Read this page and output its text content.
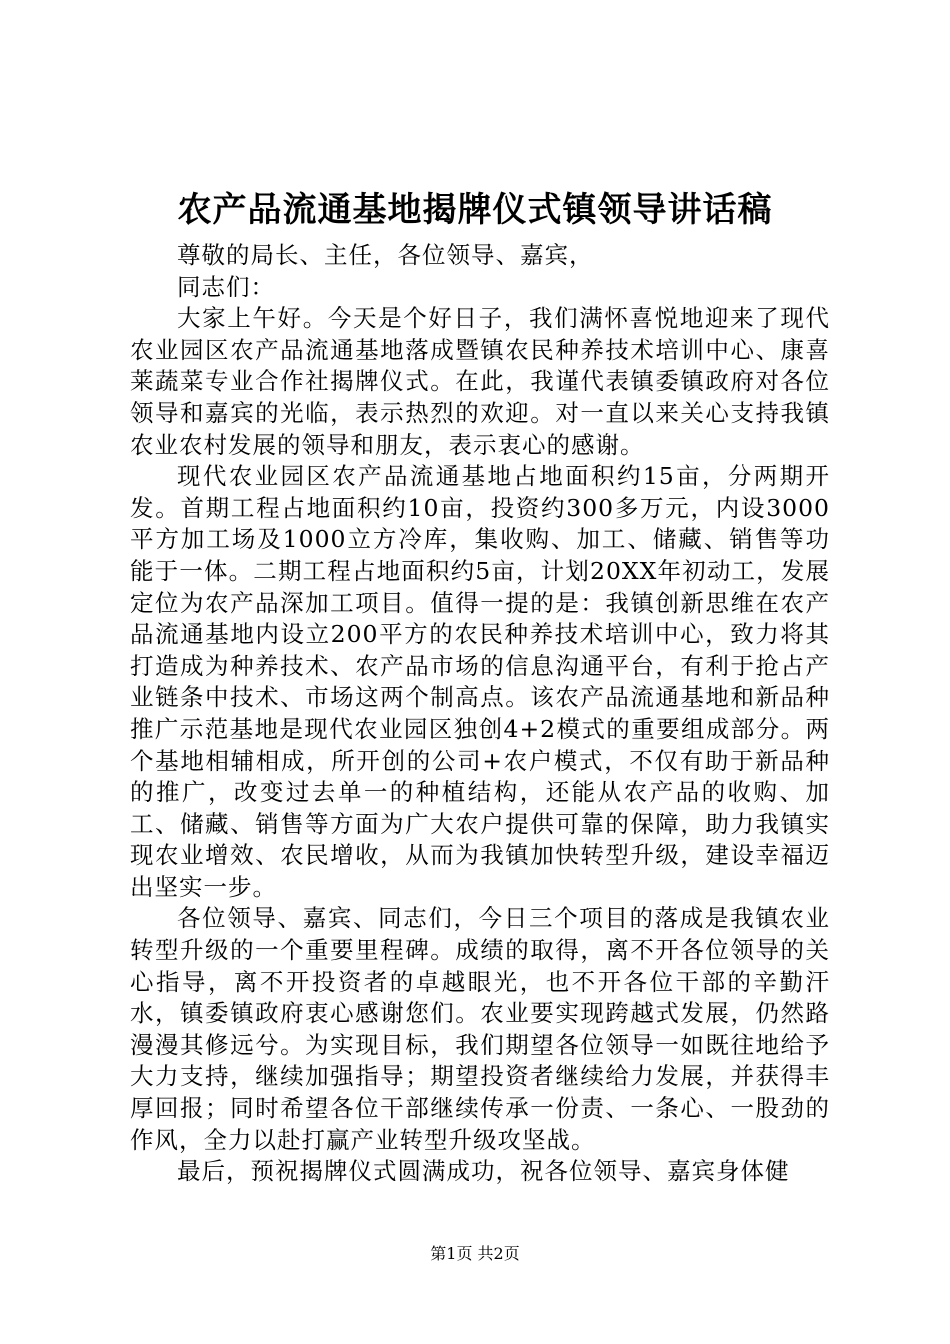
农产品流通基地揭牌仪式镇领导讲话稿

尊敬的局长、主任，各位领导、嘉宾，

同志们：

大家上午好。今天是个好日子，我们满怀喜悦地迎来了现代农业园区农产品流通基地落成暨镇农民种养技术培训中心、康喜莱蔬菜专业合作社揭牌仪式。在此，我谨代表镇委镇政府对各位领导和嘉宾的光临，表示热烈的欢迎。对一直以来关心支持我镇农业农村发展的领导和朋友，表示衷心的感谢。

现代农业园区农产品流通基地占地面积约15亩，分两期开发。首期工程占地面积约10亩，投资约300多万元，内设3000平方加工场及1000立方冷库，集收购、加工、储藏、销售等功能于一体。二期工程占地面积约5亩，计划20XX年初动工，发展定位为农产品深加工项目。值得一提的是：我镇创新思维在农产品流通基地内设立200平方的农民种养技术培训中心，致力将其打造成为种养技术、农产品市场的信息沟通平台，有利于抢占产业链条中技术、市场这两个制高点。该农产品流通基地和新品种推广示范基地是现代农业园区独创4+2模式的重要组成部分。两个基地相辅相成，所开创的公司+农户模式，不仅有助于新品种的推广，改变过去单一的种植结构，还能从农产品的收购、加工、储藏、销售等方面为广大农户提供可靠的保障，助力我镇实现农业增效、农民增收，从而为我镇加快转型升级，建设幸福迈出坚实一步。

各位领导、嘉宾、同志们，今日三个项目的落成是我镇农业转型升级的一个重要里程碑。成绩的取得，离不开各位领导的关心指导，离不开投资者的卓越眼光，也不开各位干部的辛勤汗水，镇委镇政府衷心感谢您们。农业要实现跨越式发展，仍然路漫漫其修远兮。为实现目标，我们期望各位领导一如既往地给予大力支持，继续加强指导；期望投资者继续给力发展，并获得丰厚回报；同时希望各位干部继续传承一份责、一条心、一股劲的作风，全力以赴打赢产业转型升级攻坚战。

最后，预祝揭牌仪式圆满成功，祝各位领导、嘉宾身体健

第1页 共2页
